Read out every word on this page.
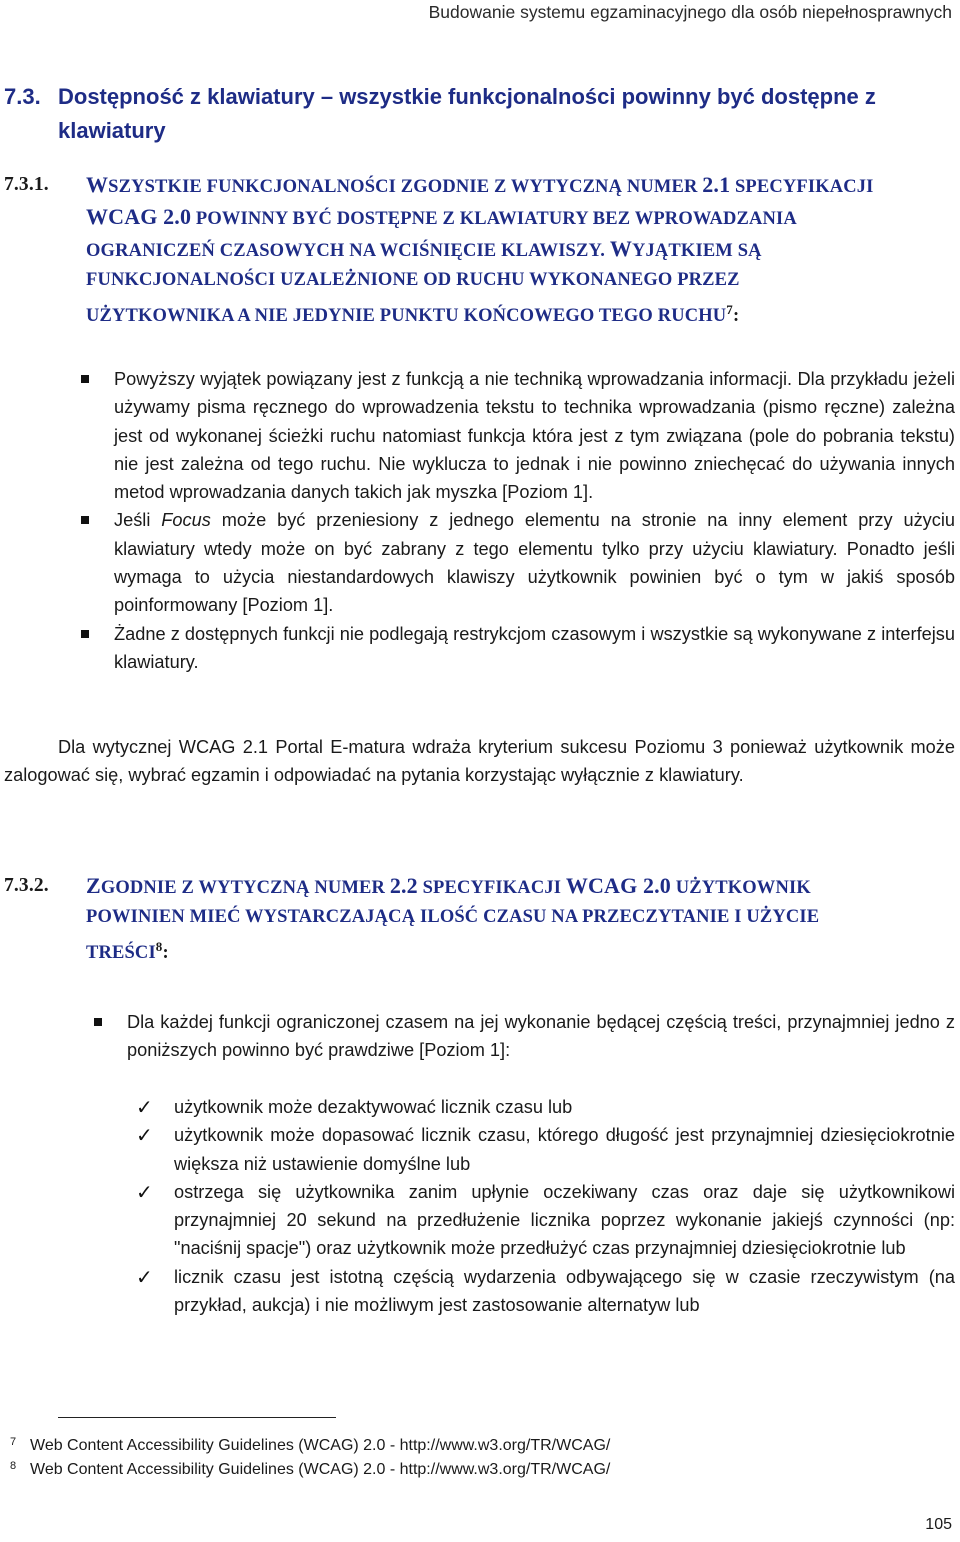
Budowanie systemu egzaminacyjnego dla osób niepełnosprawnych
7.3. Dostępność z klawiatury – wszystkie funkcjonalności powinny być dostępne z
klawiatury
7.3.1.	WSZYSTKIE FUNKCJONALNOŚCI ZGODNIE Z WYTYCZNĄ NUMER 2.1 SPECYFIKACJI
WCAG 2.0 POWINNY BYĆ DOSTĘPNE Z KLAWIATURY BEZ WPROWADZANIA
OGRANICZEŃ CZASOWYCH NA WCIŚNIĘCIE KLAWISZY. WYJĄTKIEM SĄ
FUNKCJONALNOŚCI UZALEŻNIONE OD RUCHU WYKONANEGO PRZEZ
UŻYTKOWNIKA A NIE JEDYNIE PUNKTU KOŃCOWEGO TEGO RUCHU$^7$:
Powyższy wyjątek powiązany jest z funkcją a nie techniką wprowadzania informacji. Dla przykładu jeżeli używamy pisma ręcznego do wprowadzenia tekstu to technika wprowadzania (pismo ręczne) zależna jest od wykonanej ścieżki ruchu natomiast funkcja która jest z tym związana (pole do pobrania tekstu) nie jest zależna od tego ruchu. Nie wyklucza to jednak i nie powinno zniechęcać do używania innych metod wprowadzania danych takich jak myszka [Poziom 1].
Jeśli Focus może być przeniesiony z jednego elementu na stronie na inny element przy użyciu klawiatury wtedy może on być zabrany z tego elementu tylko przy użyciu klawiatury. Ponadto jeśli wymaga to użycia niestandardowych klawiszy użytkownik powinien być o tym w jakiś sposób poinformowany [Poziom 1].
Żadne z dostępnych funkcji nie podlegają restrykcjom czasowym i wszystkie są wykonywane z interfejsu klawiatury.
Dla wytycznej WCAG 2.1 Portal E-matura wdraża kryterium sukcesu Poziomu 3 ponieważ użytkownik może zalogować się, wybrać egzamin i odpowiadać na pytania korzystając wyłącznie z klawiatury.
7.3.2.	ZGODNIE Z WYTYCZNĄ NUMER 2.2 SPECYFIKACJI WCAG 2.0 UŻYTKOWNIK
POWINIEN MIEĆ WYSTARCZAJĄCĄ ILOŚĆ CZASU NA PRZECZYTANIE I UŻYCIE
TREŚCI$^8$:
Dla każdej funkcji ograniczonej czasem na jej wykonanie będącej częścią treści, przynajmniej jedno z poniższych powinno być prawdziwe [Poziom 1]:
✓ użytkownik może dezaktywować licznik czasu lub
✓ użytkownik może dopasować licznik czasu, którego długość jest przynajmniej dziesięciokrotnie większa niż ustawienie domyślne lub
✓ ostrzega się użytkownika zanim upłynie oczekiwany czas oraz daje się użytkownikowi przynajmniej 20 sekund na przedłużenie licznika poprzez wykonanie jakiejś czynności (np: "naciśnij spacje") oraz użytkownik może przedłużyć czas przynajmniej dziesięciokrotnie lub
✓ licznik czasu jest istotną częścią wydarzenia odbywającego się w czasie rzeczywistym (na przykład, aukcja) i nie możliwym jest zastosowanie alternatyw lub
7 Web Content Accessibility Guidelines (WCAG) 2.0 - http://www.w3.org/TR/WCAG/
8 Web Content Accessibility Guidelines (WCAG) 2.0 - http://www.w3.org/TR/WCAG/
105
